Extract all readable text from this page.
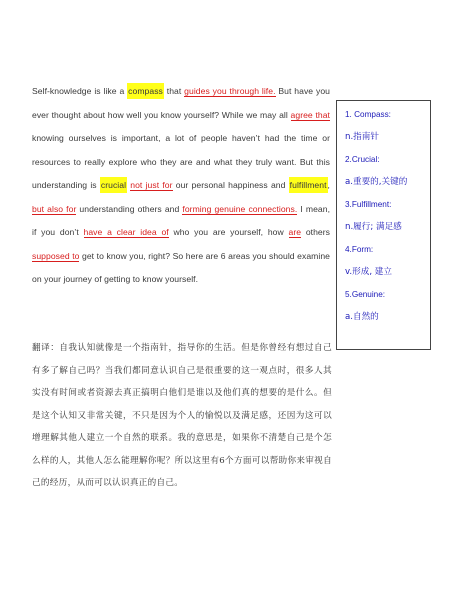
Self-knowledge is like a compass that guides you through life. But have you ever thought about how well you know yourself? While we may all agree that knowing ourselves is important, a lot of people haven’t had the time or resources to really explore who they are and what they truly want. But this understanding is crucial not just for our personal happiness and fulfillment, but also for understanding others and forming genuine connections. I mean, if you don’t have a clear idea of who you are yourself, how are others supposed to get to know you, right? So here are 6 areas you should examine on your journey of getting to know yourself.
1. Compass:
n.指南针
2.Crucial:
a.重要的,关键的
3.Fulfillment:
n.履行; 满足感
4.Form:
v.形成, 建立
5.Genuine:
a.自然的
翻译：自我认知就像是一个指南针，指导你的生活。但是你曾经有想过自己有多了解自己吗？当我们都同意认识自己是很重要的这一观点时，很多人其实没有时间或者资源去真正搞明白他们是谁以及他们真的想要的是什么。但是这个认知又非常关键，不只是因为个人的愉悦以及满足感，还因为这可以增理解其他人建立一个自然的联系。我的意思是，如果你不清楚自己是个怎么样的人，其他人怎么能理解你呢？所以这里有6个方面可以帮助你来审视自己的经历，从而可以认识真正的自己。
